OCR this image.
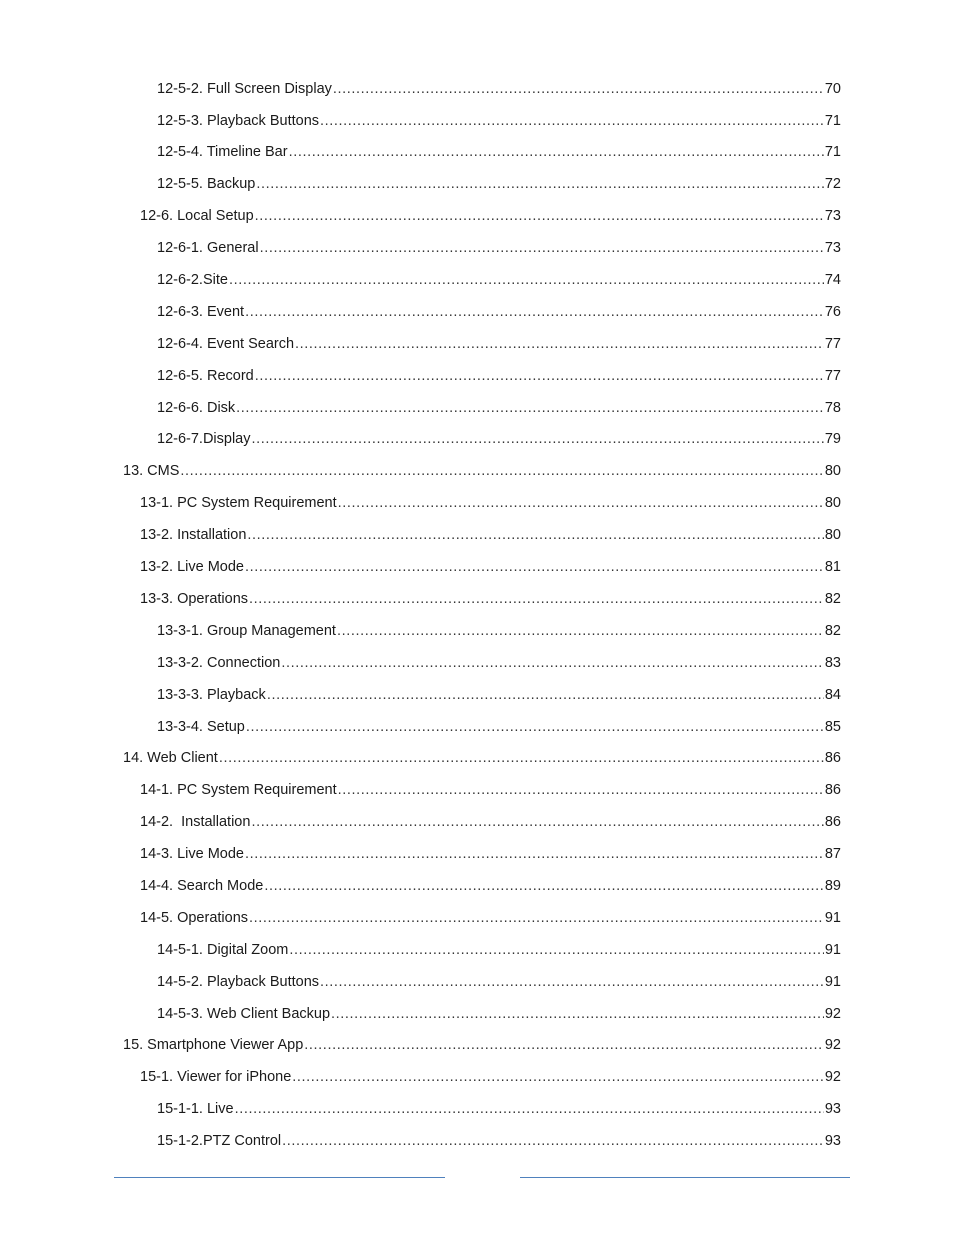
12-5-2. Full Screen Display .....	70
12-5-3. Playback Buttons .....	71
12-5-4. Timeline Bar .....	71
12-5-5. Backup .....	72
12-6. Local Setup .....	73
12-6-1. General .....	73
12-6-2.Site .....	74
12-6-3. Event .....	76
12-6-4. Event Search .....	77
12-6-5. Record .....	77
12-6-6. Disk .....	78
12-6-7.Display .....	79
13. CMS .....	80
13-1. PC System Requirement .....	80
13-2. Installation .....	80
13-2. Live Mode .....	81
13-3. Operations .....	82
13-3-1. Group Management .....	82
13-3-2. Connection .....	83
13-3-3. Playback .....	84
13-3-4. Setup .....	85
14. Web Client .....	86
14-1. PC System Requirement .....	86
14-2.  Installation .....	86
14-3. Live Mode .....	87
14-4. Search Mode .....	89
14-5. Operations .....	91
14-5-1. Digital Zoom .....	91
14-5-2. Playback Buttons .....	91
14-5-3. Web Client Backup .....	92
15. Smartphone Viewer App .....	92
15-1. Viewer for iPhone .....	92
15-1-1. Live .....	93
15-1-2.PTZ Control .....	93
